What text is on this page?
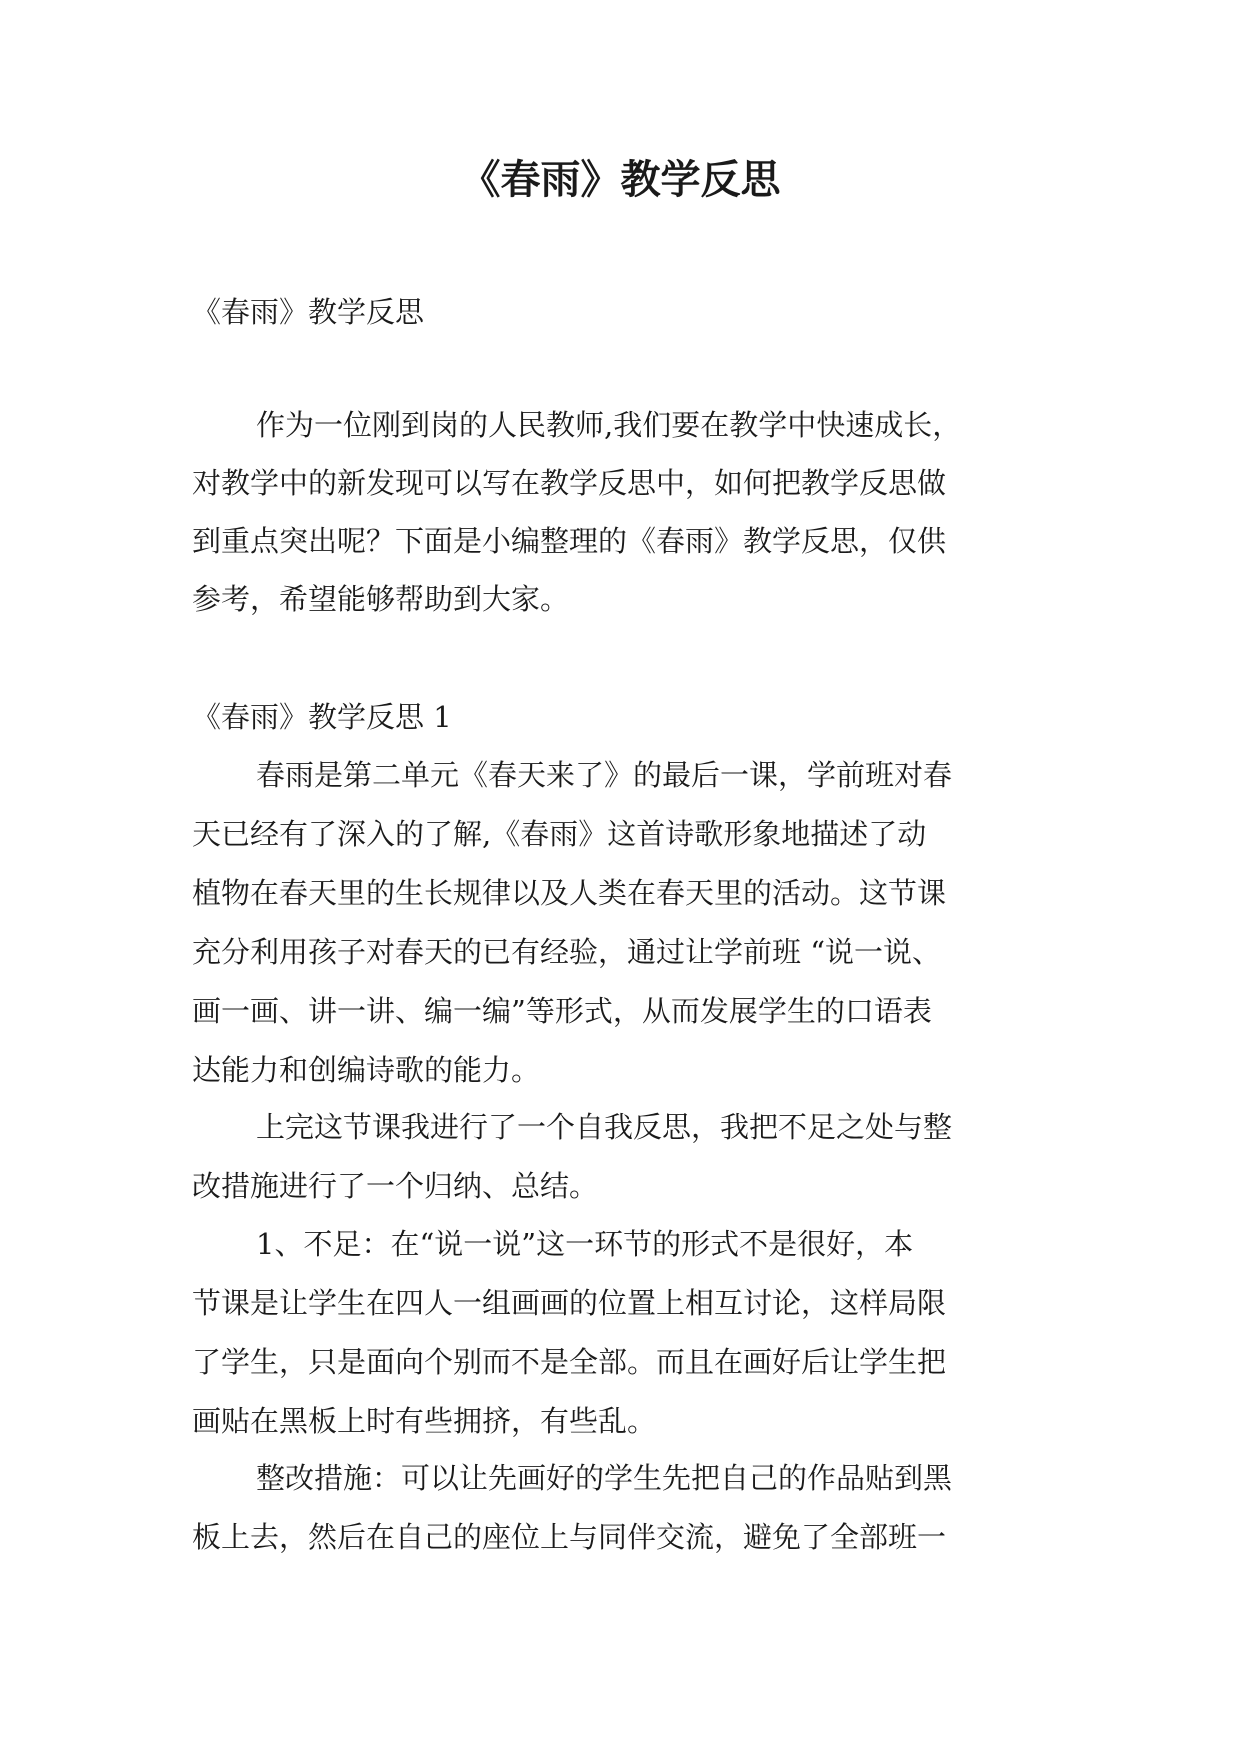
《春雨》教学反思

《春雨》教学反思

作为一位刚到岗的人民教师,我们要在教学中快速成长，

对教学中的新发现可以写在教学反思中，如何把教学反思做

到重点突出呢？下面是小编整理的《春雨》教学反思，仅供

参考，希望能够帮助到大家。

《春雨》教学反思 1

春雨是第二单元《春天来了》的最后一课，学前班对春

天已经有了深入的了解,《春雨》这首诗歌形象地描述了动

植物在春天里的生长规律以及人类在春天里的活动。这节课

充分利用孩子对春天的已有经验，通过让学前班 “说一说、

画一画、讲一讲、编一编”等形式，从而发展学生的口语表

达能力和创编诗歌的能力。

上完这节课我进行了一个自我反思，我把不足之处与整

改措施进行了一个归纳、总结。

1、不足：在“说一说”这一环节的形式不是很好，本

节课是让学生在四人一组画画的位置上相互讨论，这样局限

了学生，只是面向个别而不是全部。而且在画好后让学生把

画贴在黑板上时有些拥挤，有些乱。

整改措施：可以让先画好的学生先把自己的作品贴到黑

板上去，然后在自己的座位上与同伴交流，避免了全部班一
